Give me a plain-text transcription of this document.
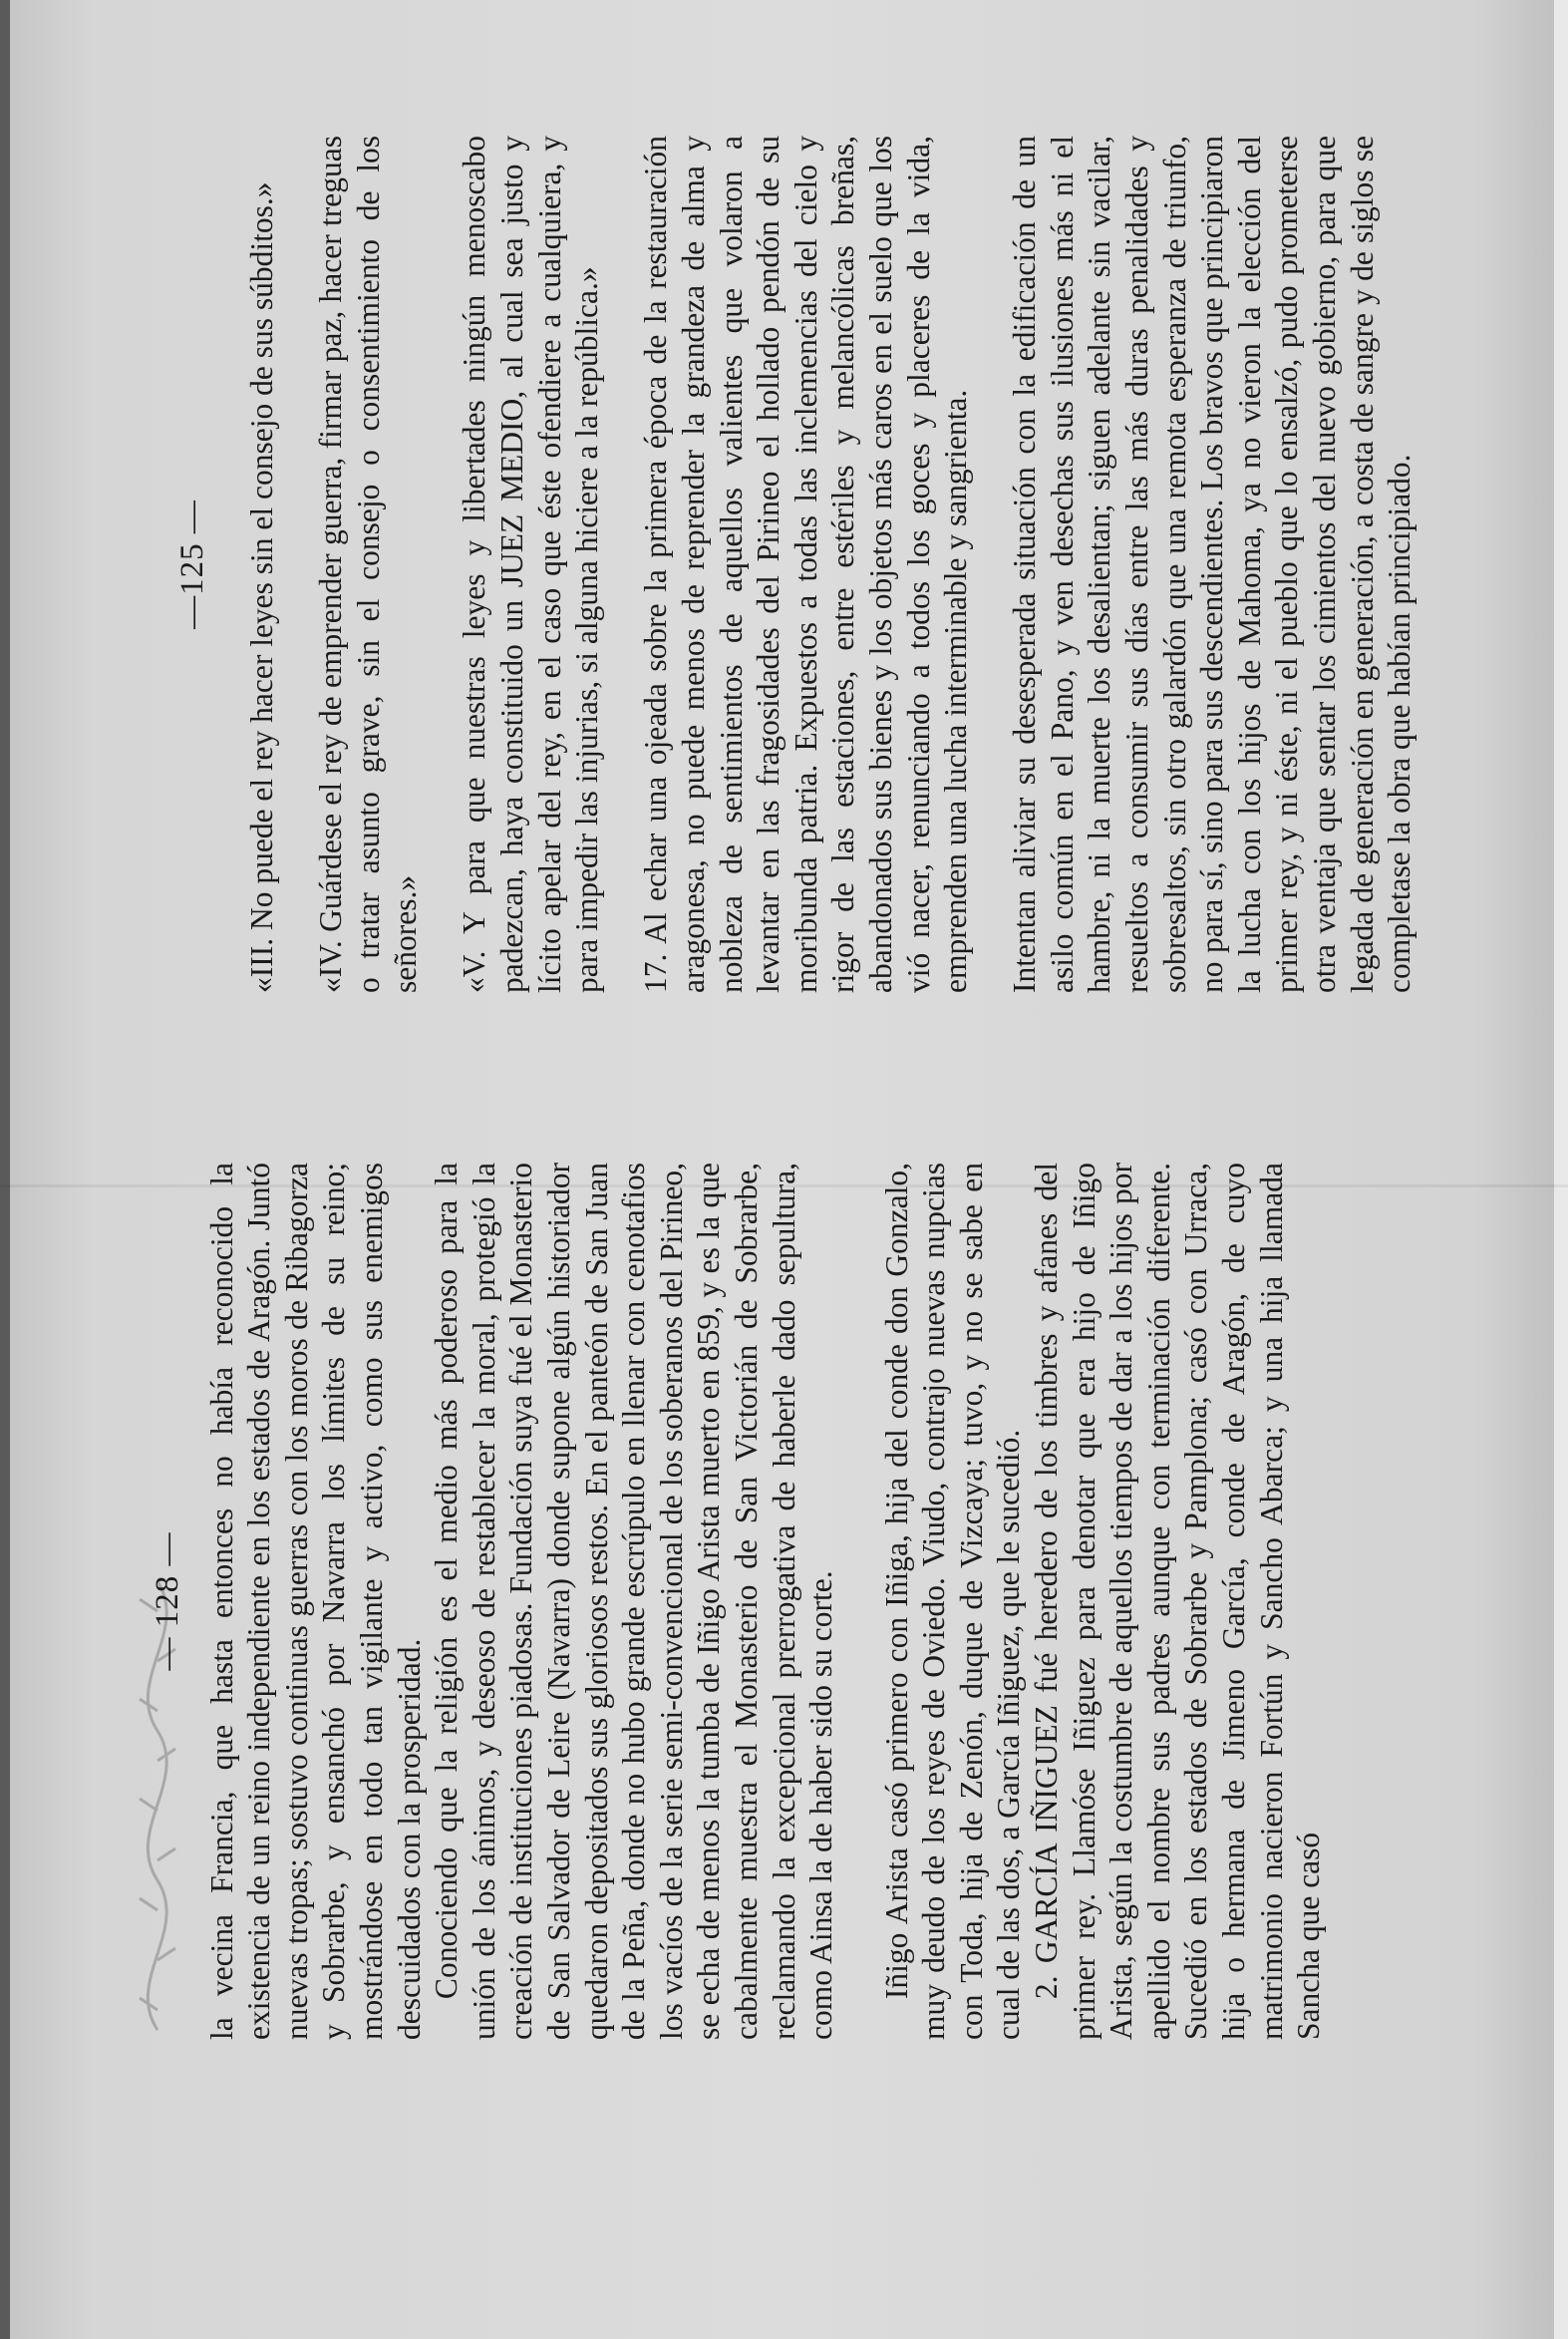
— 128 — la vecina Francia, que hasta entonces no había reconocido la existencia de un reino independiente en los estados de Aragón. Juntó nuevas tropas; sostuvo continuas guerras con los moros de Ribagorza y Sobrarbe, y ensanchó por Navarra los límites de su reino; mostrándose en todo tan vigilante y activo, como sus enemigos descuidados con la prosperidad. Conociendo que la religión es el medio más poderoso para la unión de los ánimos, y deseoso de restablecer la moral, protegió la creación de instituciones piadosas. Fundación suya fué el Monasterio de San Salvador de Leire (Navarra) donde supone algún historiador quedaron depositados sus gloriosos restos. En el panteón de San Juan de la Peña, donde no hubo grande escrúpulo en llenar con cenotafios los vacíos de la serie semi-convencional de los soberanos del Pirineo, se echa de menos la tumba de Iñigo Arista muerto en 859, y es la que cabalmente muestra el Monasterio de San Victorián de Sobrarbe, reclamando la excepcional prerrogativa de haberle dado sepultura, como Ainsa la de haber sido su corte. Iñigo Arista casó primero con Iñiga, hija del conde don Gonzalo, muy deudo de los reyes de Oviedo. Viudo, contrajo nuevas nupcias con Toda, hija de Zenón, duque de Vizcaya; tuvo, y no se sabe en cual de las dos, a García Iñiguez, que le sucedió. 2. GARCÍA IÑIGUEZ fué heredero de los timbres y afanes del primer rey. Llamóse Iñiguez para denotar que era hijo de Iñigo Arista, según la costumbre de aquellos tiempos de dar a los hijos por apellido el nombre sus padres aunque con terminación diferente. Sucedió en los estados de Sobrarbe y Pamplona; casó con Urraca, hija o hermana de Jimeno García, conde de Aragón, de cuyo matrimonio nacieron Fortún y Sancho Abarca; y una hija llamada Sancha que casó

—125 — «III. No puede el rey hacer leyes sin el consejo de sus súbditos.» «IV. Guárdese el rey de emprender guerra, firmar paz, hacer treguas o tratar asunto grave, sin el consejo o consentimiento de los señores.» «V. Y para que nuestras leyes y libertades ningún menoscabo padezcan, haya constituido un JUEZ MEDIO, al cual sea justo y lícito apelar del rey, en el caso que éste ofendiere a cualquiera, y para impedir las injurias, si alguna hiciere a la república.» 17. Al echar una ojeada sobre la primera época de la restauración aragonesa, no puede menos de reprender la grandeza de alma y nobleza de sentimientos de aquellos valientes que volaron a levantar en las fragosidades del Pirineo el hollado pendón de su moribunda patria. Expuestos a todas las inclemencias del cielo y rigor de las estaciones, entre estériles y melancólicas breñas, abandonados sus bienes y los objetos más caros en el suelo que los vió nacer, renunciando a todos los goces y placeres de la vida, emprenden una lucha interminable y sangrienta. Intentan aliviar su desesperada situación con la edificación de un asilo común en el Pano, y ven desechas sus ilusiones más ni el hambre, ni la muerte los desalientan; siguen adelante sin vacilar, resueltos a consumir sus días entre las más duras penalidades y sobresaltos, sin otro galardón que una remota esperanza de triunfo, no para sí, sino para sus descendientes. Los bravos que principiaron la lucha con los hijos de Mahoma, ya no vieron la elección del primer rey, y ni éste, ni el pueblo que lo ensalzó, pudo prometerse otra ventaja que sentar los cimientos del nuevo gobierno, para que legada de generación en generación, a costa de sangre y de siglos se completase la obra que habían principiado.
